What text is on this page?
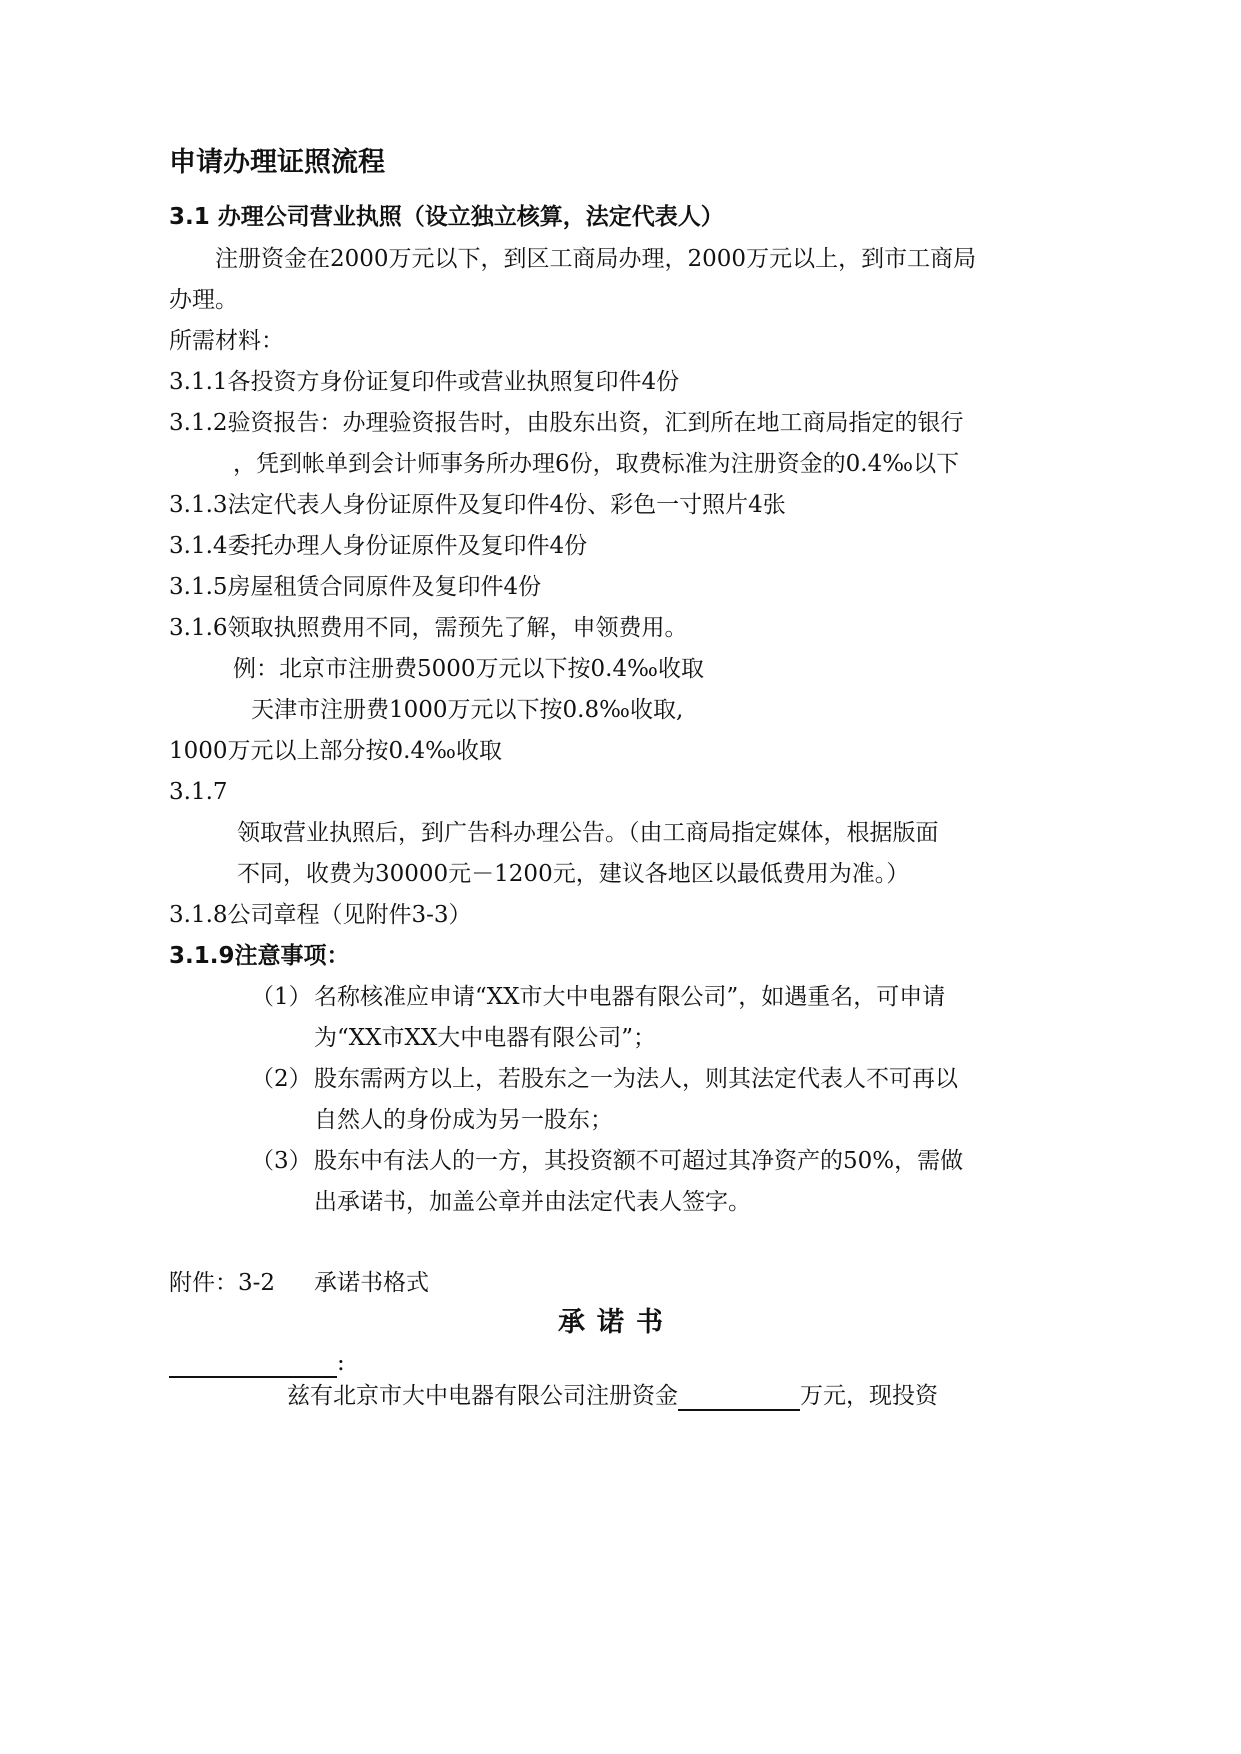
申请办理证照流程
3.1 办理公司营业执照（设立独立核算，法定代表人）
注册资金在2000万元以下，到区工商局办理，2000万元以上，到市工商局
办理。
所需材料：
3.1.1各投资方身份证复印件或营业执照复印件4份
3.1.2验资报告：办理验资报告时，由股东出资，汇到所在地工商局指定的银行
，凭到帐单到会计师事务所办理6份，取费标准为注册资金的0.4‰以下
3.1.3法定代表人身份证原件及复印件4份、彩色一寸照片4张
3.1.4委托办理人身份证原件及复印件4份
3.1.5房屋租赁合同原件及复印件4份
3.1.6领取执照费用不同，需预先了解，申领费用。
例：北京市注册费5000万元以下按0.4‰收取
天津市注册费1000万元以下按0.8‰收取,
1000万元以上部分按0.4‰收取
3.1.7
领取营业执照后，到广告科办理公告。（由工商局指定媒体，根据版面
不同，收费为30000元－1200元，建议各地区以最低费用为准。）
3.1.8公司章程（见附件3-3）
3.1.9注意事项：
（1） 名称核准应申请“XX市大中电器有限公司”，如遇重名，可申请
为“XX市XX大中电器有限公司”；
（2） 股东需两方以上，若股东之一为法人，则其法定代表人不可再以
自然人的身份成为另一股东；
（3） 股东中有法人的一方，其投资额不可超过其净资产的50%，需做
出承诺书，加盖公章并由法定代表人签字。
附件：3-2 承诺书格式
承诺书
:
兹有北京市大中电器有限公司注册资金	万元，现投资
